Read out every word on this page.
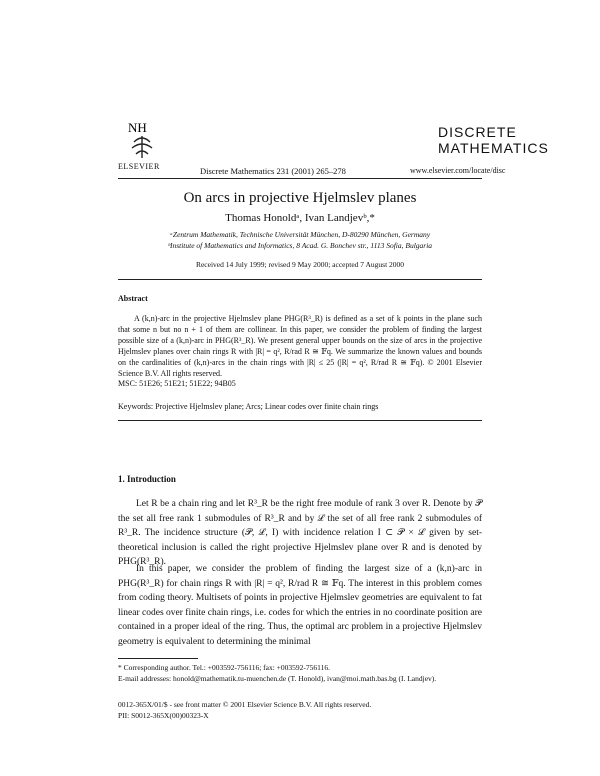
NH
ELSEVIER	Discrete Mathematics 231 (2001) 265–278
DISCRETE
MATHEMATICS
www.elsevier.com/locate/disc
On arcs in projective Hjelmslev planes
Thomas Honoldᵃ, Ivan Landjevᵇ,*
ᵃZentrum Mathematik, Technische Universität München, D-80290 München, Germany
ᵇInstitute of Mathematics and Informatics, 8 Acad. G. Bonchev str., 1113 Sofia, Bulgaria
Received 14 July 1999; revised 9 May 2000; accepted 7 August 2000
Abstract
A (k,n)-arc in the projective Hjelmslev plane PHG(R³_R) is defined as a set of k points in the plane such that some n but no n + 1 of them are collinear. In this paper, we consider the problem of finding the largest possible size of a (k,n)-arc in PHG(R³_R). We present general upper bounds on the size of arcs in the projective Hjelmslev planes over chain rings R with |R| = q², R/rad R ≅ 𝔽q. We summarize the known values and bounds on the cardinalities of (k,n)-arcs in the chain rings with |R| ≤ 25 (|R| = q², R/rad R ≅ 𝔽q). © 2001 Elsevier Science B.V. All rights reserved.
MSC: 51E26; 51E21; 51E22; 94B05
Keywords: Projective Hjelmslev plane; Arcs; Linear codes over finite chain rings
1. Introduction
Let R be a chain ring and let R³_R be the right free module of rank 3 over R. Denote by 𝒫 the set all free rank 1 submodules of R³_R and by ℒ the set of all free rank 2 submodules of R³_R. The incidence structure (𝒫, ℒ, I) with incidence relation I ⊂ 𝒫 × ℒ given by set-theoretical inclusion is called the right projective Hjelmslev plane over R and is denoted by PHG(R³_R).
In this paper, we consider the problem of finding the largest size of a (k,n)-arc in PHG(R³_R) for chain rings R with |R| = q², R/rad R ≅ 𝔽q. The interest in this problem comes from coding theory. Multisets of points in projective Hjelmslev geometries are equivalent to fat linear codes over finite chain rings, i.e. codes for which the entries in no coordinate position are contained in a proper ideal of the ring. Thus, the optimal arc problem in a projective Hjelmslev geometry is equivalent to determining the minimal
* Corresponding author. Tel.: +003592-756116; fax: +003592-756116.
E-mail addresses: honold@mathematik.tu-muenchen.de (T. Honold), ivan@moi.math.bas.bg (I. Landjev).
0012-365X/01/$ - see front matter © 2001 Elsevier Science B.V. All rights reserved.
PII: S0012-365X(00)00323-X
